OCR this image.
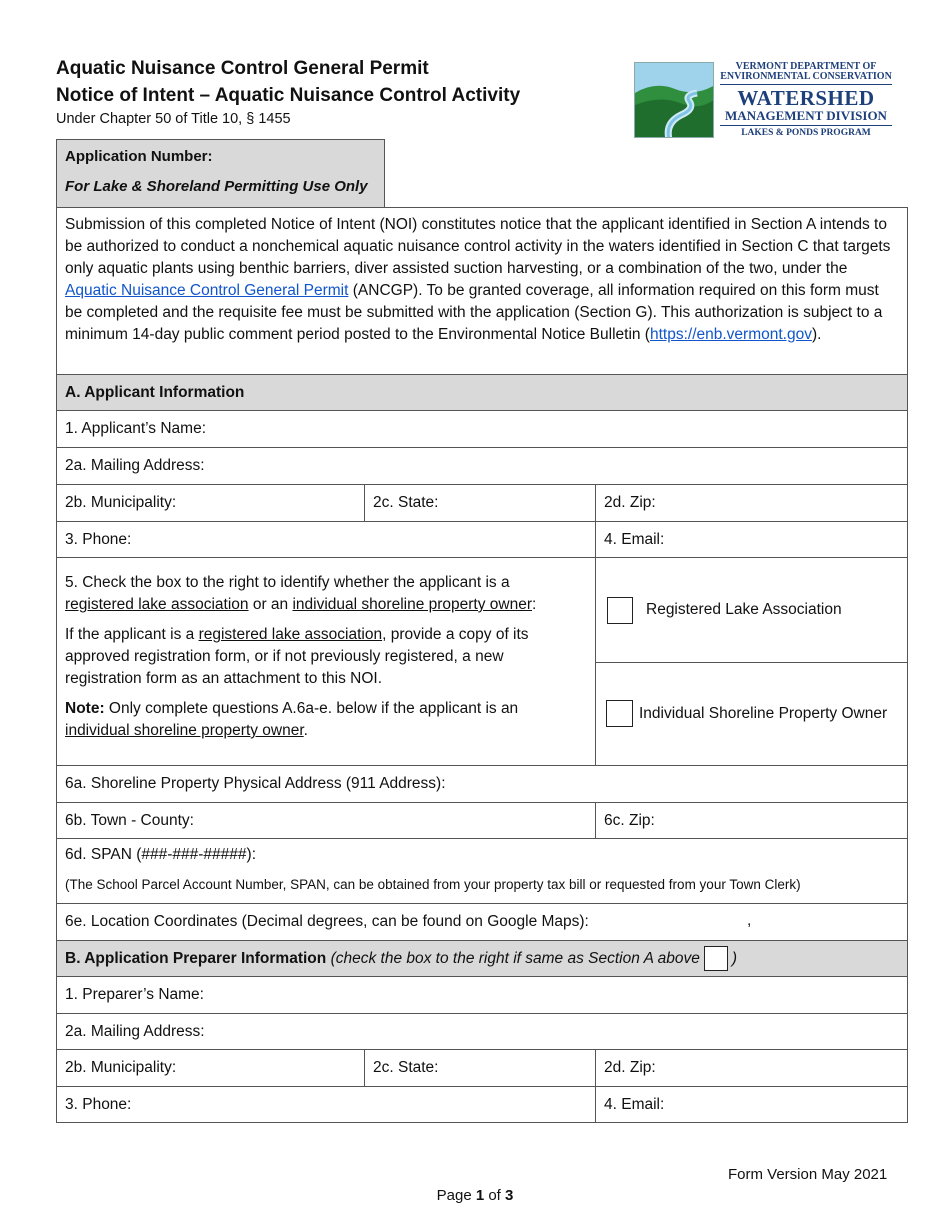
Aquatic Nuisance Control General Permit
Notice of Intent – Aquatic Nuisance Control Activity
Under Chapter 50 of Title 10, § 1455
VERMONT DEPARTMENT OF
ENVIRONMENTAL CONSERVATION
WATERSHED
MANAGEMENT DIVISION
LAKES & PONDS PROGRAM
Application Number:
For Lake & Shoreland Permitting Use Only
Submission of this completed Notice of Intent (NOI) constitutes notice that the applicant identified in Section A intends to be authorized to conduct a nonchemical aquatic nuisance control activity in the waters identified in Section C that targets only aquatic plants using benthic barriers, diver assisted suction harvesting, or a combination of the two, under the Aquatic Nuisance Control General Permit (ANCGP). To be granted coverage, all information required on this form must be completed and the requisite fee must be submitted with the application (Section G). This authorization is subject to a minimum 14-day public comment period posted to the Environmental Notice Bulletin (https://enb.vermont.gov).
A. Applicant Information
1. Applicant’s Name:
2a. Mailing Address:
2b. Municipality:	2c. State:	2d. Zip:
3. Phone:	4. Email:
5. Check the box to the right to identify whether the applicant is a registered lake association or an individual shoreline property owner:
If the applicant is a registered lake association, provide a copy of its approved registration form, or if not previously registered, a new registration form as an attachment to this NOI.
Note: Only complete questions A.6a-e. below if the applicant is an individual shoreline property owner.
Registered Lake Association
Individual Shoreline Property Owner
6a. Shoreline Property Physical Address (911 Address):
6b. Town - County:	6c. Zip:
6d. SPAN (###-###-#####):
(The School Parcel Account Number, SPAN, can be obtained from your property tax bill or requested from your Town Clerk)
6e. Location Coordinates (Decimal degrees, can be found on Google Maps):	,
B. Application Preparer Information
(check the box to the right if same as Section A above )
1. Preparer’s Name:
2a. Mailing Address:
2b. Municipality:	2c. State:	2d. Zip:
3. Phone:	4. Email:
Form Version May 2021
Page 1 of 3
